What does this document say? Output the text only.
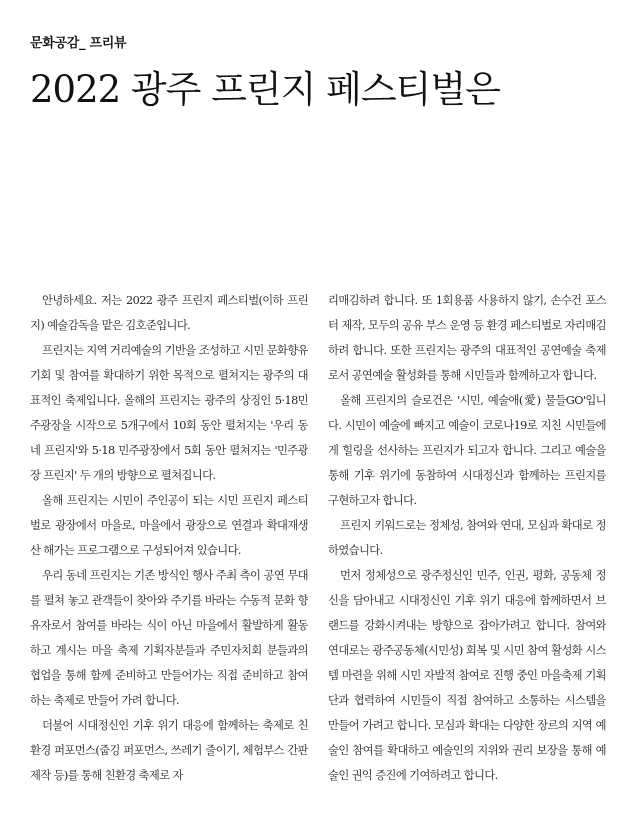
문화공감_ 프리뷰
2022 광주 프린지 페스티벌은

안녕하세요. 저는 2022 광주 프린지 페스티벌(이하 프린지) 예술감독을 맡은 김호준입니다.

프린지는 지역 거리예술의 기반을 조성하고 시민 문화향유 기회 및 참여를 확대하기 위한 목적으로 펼쳐지는 광주의 대표적인 축제입니다. 올해의 프린지는 광주의 상징인 5·18민주광장을 시작으로 5개구에서 10회 동안 펼쳐지는 '우리 동네 프린지'와 5·18 민주광장에서 5회 동안 펼쳐지는 '민주광장 프린지' 두 개의 방향으로 펼쳐집니다.

올해 프린지는 시민이 주인공이 되는 시민 프린지 페스티벌로 광장에서 마을로, 마을에서 광장으로 연결과 확대재생산 해가는 프로그램으로 구성되어져 있습니다.

우리 동네 프린지는 기존 방식인 행사 주최 측이 공연 무대를 펼쳐 놓고 관객들이 찾아와 주기를 바라는 수동적 문화 향유자로서 참여를 바라는 식이 아닌 마을에서 활발하게 활동하고 계시는 마을 축제 기획자분들과 주민자치회 분들과의 협업을 통해 함께 준비하고 만들어가는 직접 준비하고 참여하는 축제로 만들어 가려 합니다.

더불어 시대정신인 기후 위기 대응에 함께하는 축제로 친환경 퍼포먼스(줍깅 퍼포먼스, 쓰레기 줄이기, 체험부스 간판 제작 등)를 통해 친환경 축제로 자

리매김하려 합니다. 또 1회용품 사용하지 않기, 손수건 포스터 제작, 모두의 공유 부스 운영 등 환경 페스티벌로 자리매김하려 합니다. 또한 프린지는 광주의 대표적인 공연예술 축제로서 공연예술 활성화를 통해 시민들과 함께하고자 합니다.

올해 프린지의 슬로건은 '시민, 예술애(愛) 물들GO'입니다. 시민이 예술에 빠지고 예술이 코로나19로 지친 시민들에게 힐링을 선사하는 프린지가 되고자 합니다. 그리고 예술을 통해 기후 위기에 동참하여 시대정신과 함께하는 프린지를 구현하고자 합니다.

프린지 키워드로는 정체성, 참여와 연대, 모심과 확대로 정하였습니다.

먼저 정체성으로 광주정신인 민주, 인권, 평화, 공동체 정신을 담아내고 시대정신인 기후 위기 대응에 함께하면서 브랜드를 강화시켜내는 방향으로 잡아가려고 합니다. 참여와 연대로는 광주공동체(시민성) 회복 및 시민 참여 활성화 시스템 마련을 위해 시민 자발적 참여로 진행 중인 마을축제 기획단과 협력하여 시민들이 직접 참여하고 소통하는 시스템을 만들어 가려고 합니다. 모심과 확대는 다양한 장르의 지역 예술인 참여를 확대하고 예술인의 지위와 권리 보장을 통해 예술인 권익 증진에 기여하려고 합니다.
